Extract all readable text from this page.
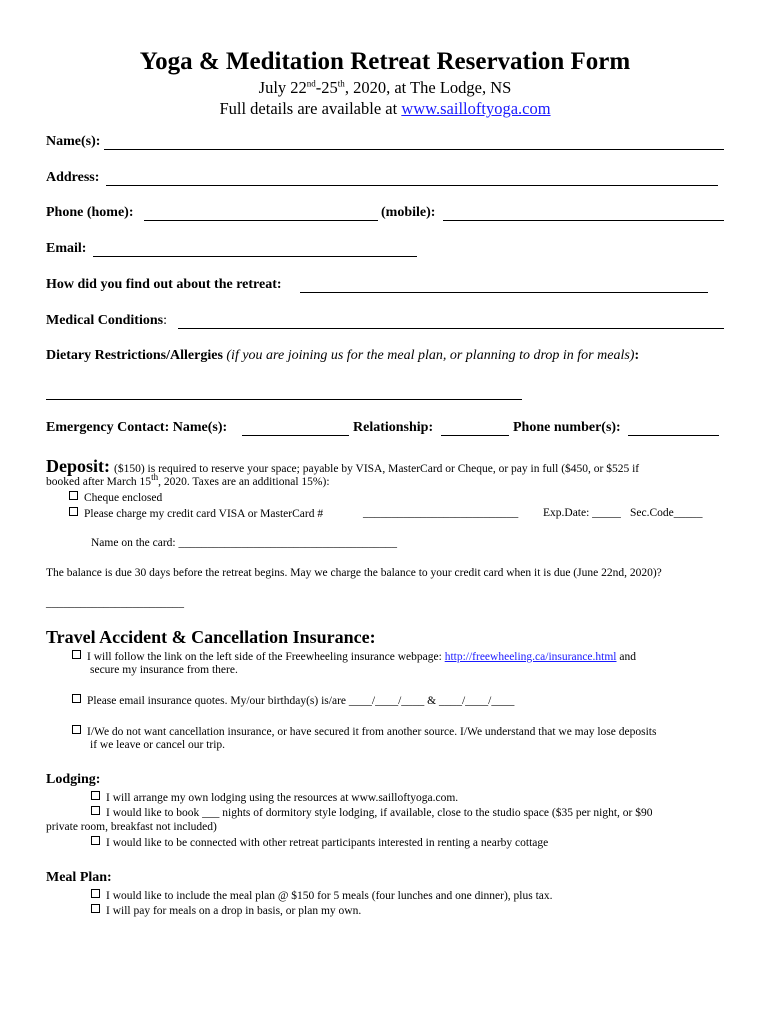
Yoga & Meditation Retreat Reservation Form
July 22nd-25th, 2020, at The Lodge, NS
Full details are available at www.sailloftyoga.com
Name(s):
Address:
Phone (home):	(mobile):
Email:
How did you find out about the retreat:
Medical Conditions:
Dietary Restrictions/Allergies (if you are joining us for the meal plan, or planning to drop in for meals):
Emergency Contact: Name(s):	Relationship:	Phone number(s):
Deposit: ($150) is required to reserve your space; payable by VISA, MasterCard or Cheque, or pay in full ($450, or $525 if
booked after March 15th, 2020. Taxes are an additional 15%):
Cheque enclosed
Please charge my credit card VISA or MasterCard #	___________________________ Exp.Date: _____ Sec.Code_____
Name on the card: ______________________________________
The balance is due 30 days before the retreat begins. May we charge the balance to your credit card when it is due (June 22nd, 2020)?
________________________
Travel Accident & Cancellation Insurance:
I will follow the link on the left side of the Freewheeling insurance webpage: http://freewheeling.ca/insurance.html and
secure my insurance from there.
Please email insurance quotes. My/our birthday(s) is/are ____/____/____ & ____/____/____
I/We do not want cancellation insurance, or have secured it from another source. I/We understand that we may lose deposits
if we leave or cancel our trip.
Lodging:
I will arrange my own lodging using the resources at www.sailloftyoga.com.
I would like to book ___ nights of dormitory style lodging, if available, close to the studio space ($35 per night, or $90
private room, breakfast not included)
I would like to be connected with other retreat participants interested in renting a nearby cottage
Meal Plan:
I would like to include the meal plan @ $150 for 5 meals (four lunches and one dinner), plus tax.
I will pay for meals on a drop in basis, or plan my own.
